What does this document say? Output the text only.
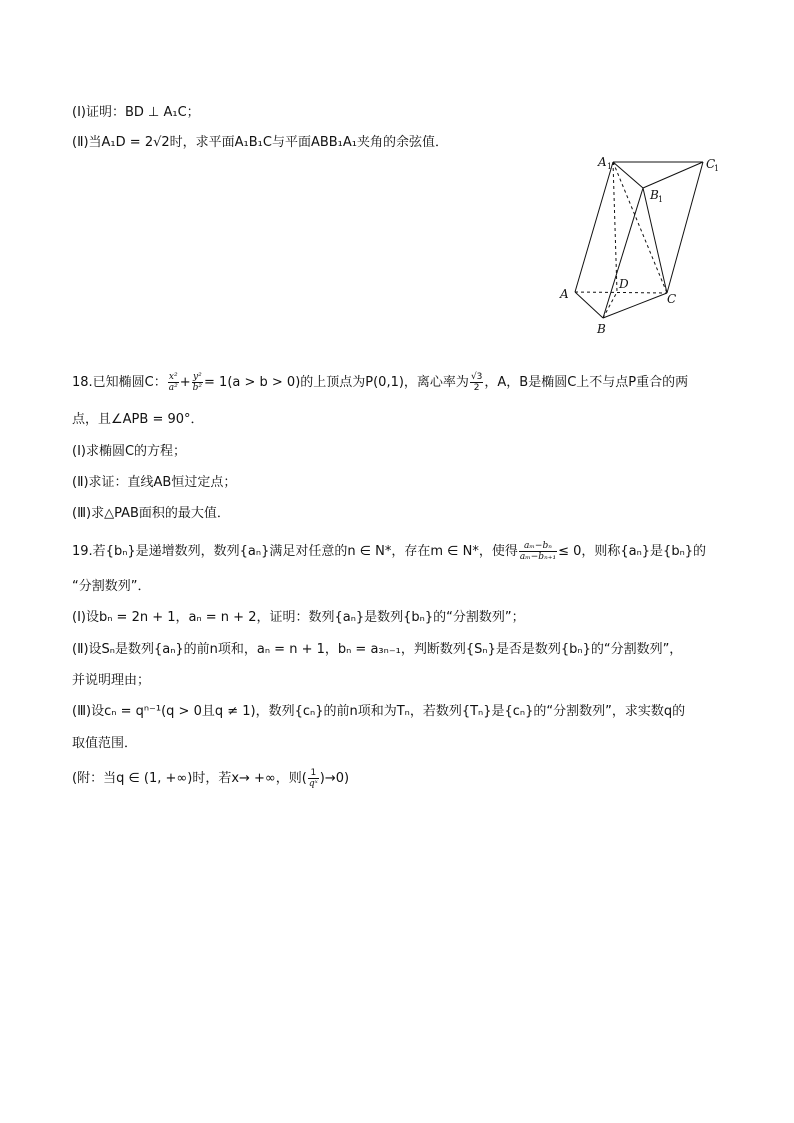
(Ⅰ)证明：BD ⊥ A₁C；
(Ⅱ)当A₁D = 2√2时，求平面A₁B₁C与平面ABB₁A₁夹角的余弦值．
A 1	C
1
B 1
A
D
C
B
18.已知椭圆C： $\frac{\text{x²}}{\text{a²}} + \frac{\text{y²}}{\text{b²}} = 1(a > b > 0)$的上顶点为P(0,1)，离心率为 $\frac{√3}{2}$ ，A，B是椭圆C上不与点P重合的两
点，且∠APB = 90°．
(Ⅰ)求椭圆C的方程；
(Ⅱ)求证：直线AB恒过定点；
(Ⅲ)求△PAB面积的最大值．
19.若{bₙ}是递增数列，数列{aₙ}满足对任意的n ∈ N*，存在m ∈ N*，使得 $\frac{\text{aₘ−bₙ}}{\text{aₘ−bₙ₊₁}} \le 0$，则称{aₙ}是{bₙ}的
“分割数列”．
(Ⅰ)设bₙ = 2n + 1，aₙ = n + 2，证明：数列{aₙ}是数列{bₙ}的“分割数列”；
(Ⅱ)设Sₙ是数列{aₙ}的前n项和，aₙ = n + 1，bₙ = a₃ₙ₋₁，判断数列{Sₙ}是否是数列{bₙ}的“分割数列”，
并说明理由；
(Ⅲ)设cₙ = qⁿ⁻¹(q > 0且q ≠ 1)，数列{cₙ}的前n项和为Tₙ，若数列{Tₙ}是{cₙ}的“分割数列”，求实数q的
取值范围．
(附：当q ∈ (1, +∞)时，若x→ +∞，则( $\frac{1}{\text{qˣ}} )\to 0$)
